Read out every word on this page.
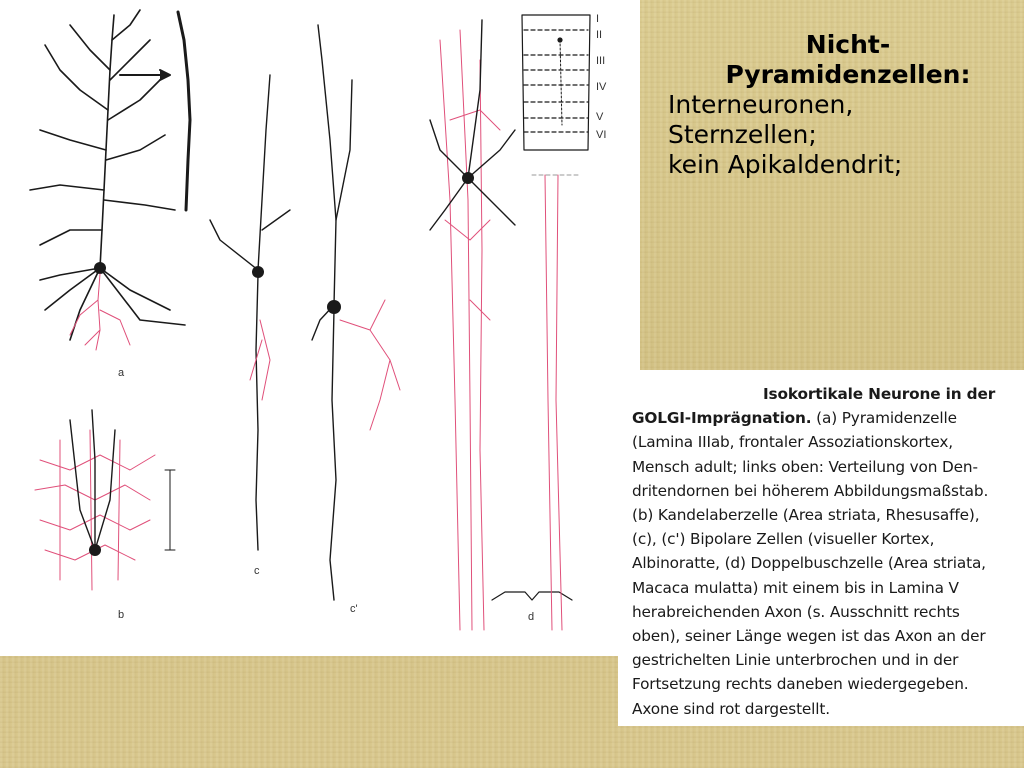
Nicht-Pyramidenzellen:
Interneuronen,
Sternzellen;
kein Apikaldendrit;
a
b
100 µm
c
c'
d
I
II
III
IV
V
VI
Isokortikale Neurone in der
GOLGI-Imprägnation. (a) Pyramidenzelle
(Lamina IIIab, frontaler Assoziationskortex,
Mensch adult; links oben: Verteilung von Den-
dritendornen bei höherem Abbildungsmaßstab.
(b) Kandelaberzelle (Area striata, Rhesusaffe),
(c), (c') Bipolare Zellen (visueller Kortex,
Albinoratte, (d) Doppelbuschzelle (Area striata,
Macaca mulatta) mit einem bis in Lamina V
herabreichenden Axon (s. Ausschnitt rechts
oben), seiner Länge wegen ist das Axon an der
gestrichelten Linie unterbrochen und in der
Fortsetzung rechts daneben wiedergegeben.
Axone sind rot dargestellt.
